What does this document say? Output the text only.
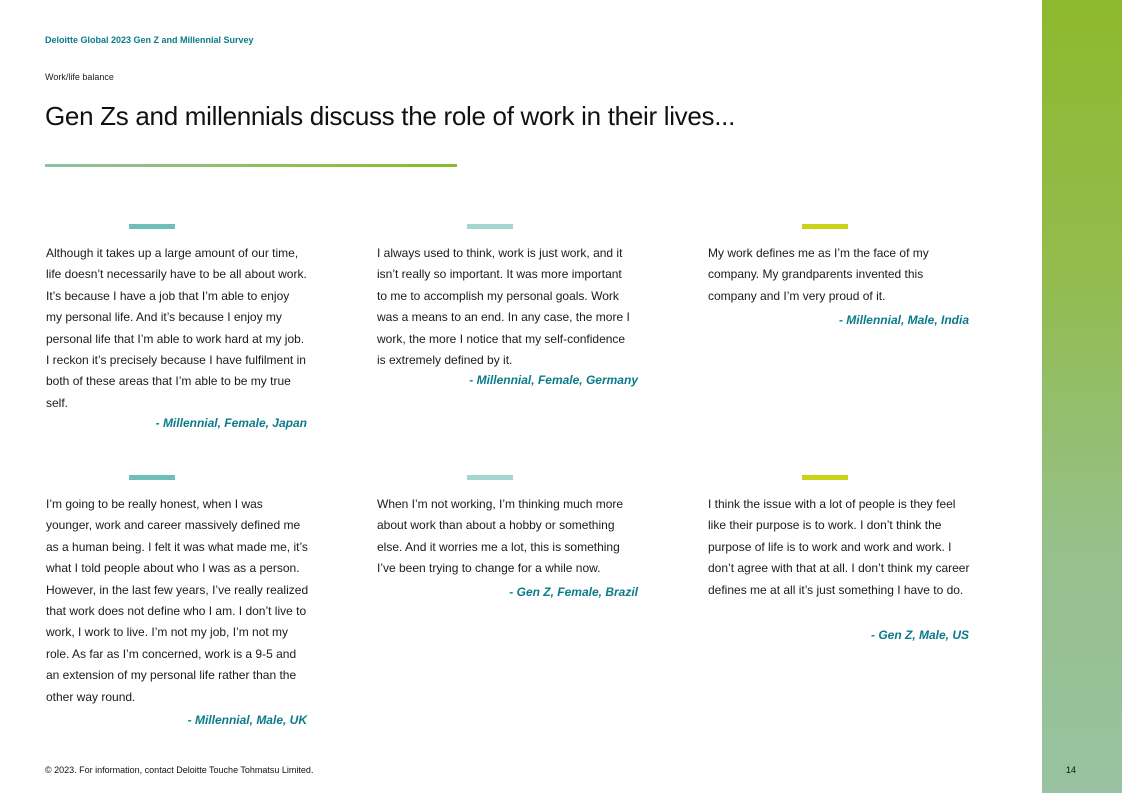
Deloitte Global 2023 Gen Z and Millennial Survey
Work/life balance
Gen Zs and millennials discuss the role of work in their lives...

Although it takes up a large amount of our time, life doesn’t necessarily have to be all about work. It’s because I have a job that I’m able to enjoy my personal life. And it’s because I enjoy my personal life that I’m able to work hard at my job. I reckon it’s precisely because I have fulfilment in both of these areas that I’m able to be my true self.

- Millennial, Female, Japan

I always used to think, work is just work, and it isn’t really so important. It was more important to me to accomplish my personal goals. Work was a means to an end. In any case, the more I work, the more I notice that my self-confidence is extremely defined by it.

- Millennial, Female, Germany

My work defines me as I’m the face of my company. My grandparents invented this company and I’m very proud of it.

- Millennial, Male, India

I’m going to be really honest, when I was younger, work and career massively defined me as a human being. I felt it was what made me, it’s what I told people about who I was as a person. However, in the last few years, I’ve really realized that work does not define who I am. I don’t live to work, I work to live. I’m not my job, I’m not my role. As far as I’m concerned, work is a 9-5 and an extension of my personal life rather than the other way round.

- Millennial, Male, UK

When I’m not working, I’m thinking much more about work than about a hobby or something else. And it worries me a lot, this is something I’ve been trying to change for a while now.

- Gen Z, Female, Brazil

I think the issue with a lot of people is they feel like their purpose is to work. I don’t think the purpose of life is to work and work and work. I don’t agree with that at all. I don’t think my career defines me at all it’s just something I have to do.

- Gen Z, Male, US
© 2023. For information, contact Deloitte Touche Tohmatsu Limited.	14
